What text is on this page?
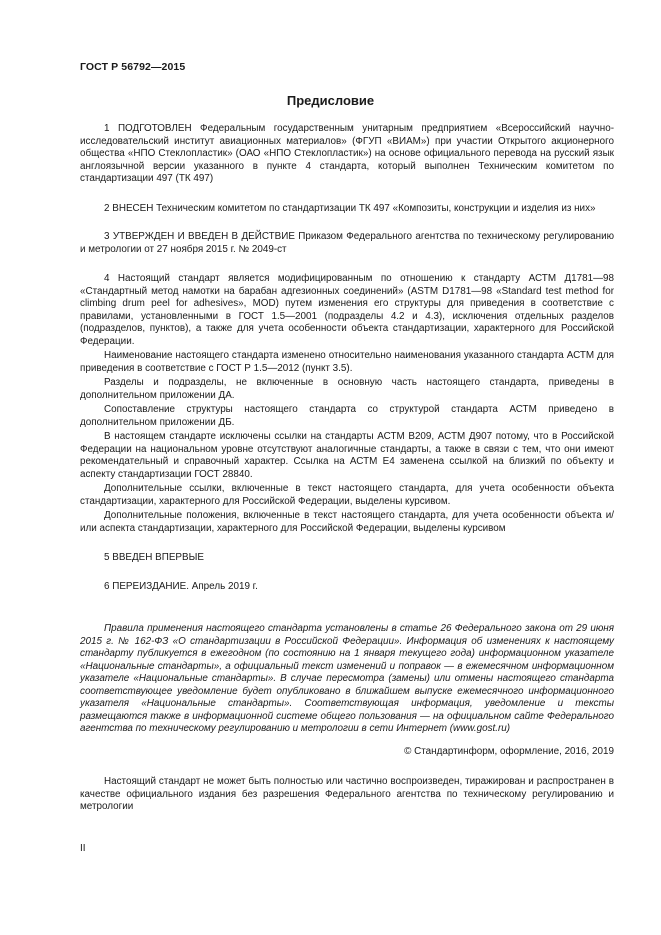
ГОСТ Р 56792—2015
Предисловие

1 ПОДГОТОВЛЕН Федеральным государственным унитарным предприятием «Всероссийский научно-исследовательский институт авиационных материалов» (ФГУП «ВИАМ») при участии Открытого акционерного общества «НПО Стеклопластик» (ОАО «НПО Стеклопластик») на основе официального перевода на русский язык англоязычной версии указанного в пункте 4 стандарта, который выполнен Техническим комитетом по стандартизации 497 (ТК 497)

2 ВНЕСЕН Техническим комитетом по стандартизации ТК 497 «Композиты, конструкции и изделия из них»

3 УТВЕРЖДЕН И ВВЕДЕН В ДЕЙСТВИЕ Приказом Федерального агентства по техническому регулированию и метрологии от 27 ноября 2015 г. № 2049-ст

4 Настоящий стандарт является модифицированным по отношению к стандарту АСТМ Д1781—98 «Стандартный метод намотки на барабан адгезионных соединений» (ASTM D1781—98 «Standard test method for climbing drum peel for adhesives», MOD) путем изменения его структуры для приведения в соответствие с правилами, установленными в ГОСТ 1.5—2001 (подразделы 4.2 и 4.3), исключения отдельных разделов (подразделов, пунктов), а также для учета особенности объекта стандартизации, характерного для Российской Федерации.

Наименование настоящего стандарта изменено относительно наименования указанного стандарта АСТМ для приведения в соответствие с ГОСТ Р 1.5—2012 (пункт 3.5).

Разделы и подразделы, не включенные в основную часть настоящего стандарта, приведены в дополнительном приложении ДА.

Сопоставление структуры настоящего стандарта со структурой стандарта АСТМ приведено в дополнительном приложении ДБ.

В настоящем стандарте исключены ссылки на стандарты АСТМ В209, АСТМ Д907 потому, что в Российской Федерации на национальном уровне отсутствуют аналогичные стандарты, а также в связи с тем, что они имеют рекомендательный и справочный характер. Ссылка на АСТМ Е4 заменена ссылкой на близкий по объекту и аспекту стандартизации ГОСТ 28840.

Дополнительные ссылки, включенные в текст настоящего стандарта, для учета особенности объекта стандартизации, характерного для Российской Федерации, выделены курсивом.

Дополнительные положения, включенные в текст настоящего стандарта, для учета особенности объекта и/или аспекта стандартизации, характерного для Российской Федерации, выделены курсивом

5 ВВЕДЕН ВПЕРВЫЕ

6 ПЕРЕИЗДАНИЕ. Апрель 2019 г.

Правила применения настоящего стандарта установлены в статье 26 Федерального закона от 29 июня 2015 г. № 162-ФЗ «О стандартизации в Российской Федерации». Информация об изменениях к настоящему стандарту публикуется в ежегодном (по состоянию на 1 января текущего года) информационном указателе «Национальные стандарты», а официальный текст изменений и поправок — в ежемесячном информационном указателе «Национальные стандарты». В случае пересмотра (замены) или отмены настоящего стандарта соответствующее уведомление будет опубликовано в ближайшем выпуске ежемесячного информационного указателя «Национальные стандарты». Соответствующая информация, уведомление и тексты размещаются также в информационной системе общего пользования — на официальном сайте Федерального агентства по техническому регулированию и метрологии в сети Интернет (www.gost.ru)

© Стандартинформ, оформление, 2016, 2019

Настоящий стандарт не может быть полностью или частично воспроизведен, тиражирован и распространен в качестве официального издания без разрешения Федерального агентства по техническому регулированию и метрологии

II
